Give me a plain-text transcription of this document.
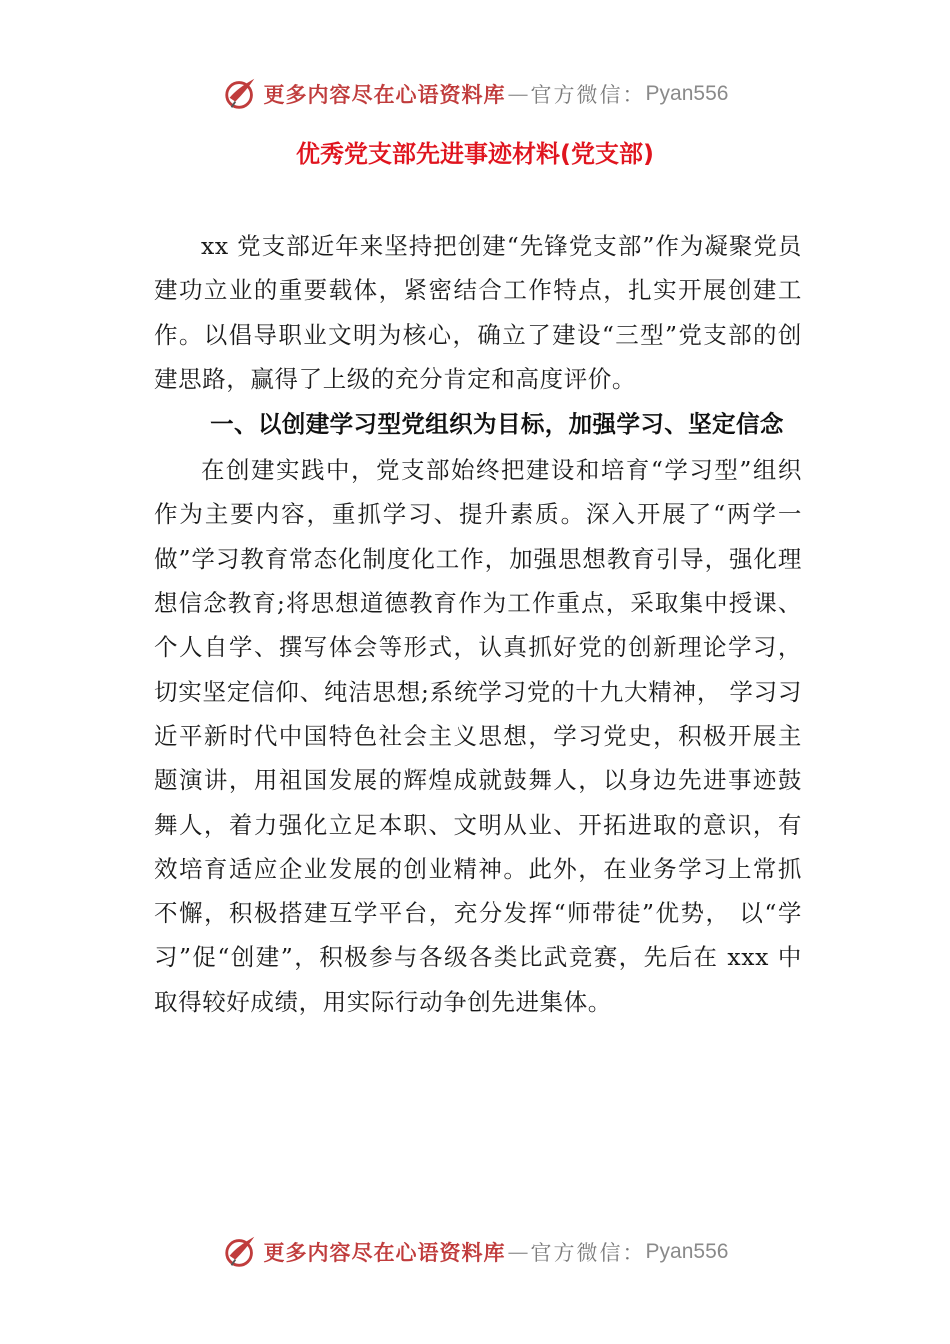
更多内容尽在心语资料库 — 官方微信： Pyan556
优秀党支部先进事迹材料(党支部)

xx 党支部近年来坚持把创建“先锋党支部”作为凝聚党员建功立业的重要载体，紧密结合工作特点，扎实开展创建工作。以倡导职业文明为核心，确立了建设“三型”党支部的创建思路，赢得了上级的充分肯定和高度评价。

一、以创建学习型党组织为目标，加强学习、坚定信念

在创建实践中，党支部始终把建设和培育“学习型”组织作为主要内容，重抓学习、提升素质。深入开展了“两学一做”学习教育常态化制度化工作，加强思想教育引导，强化理想信念教育;将思想道德教育作为工作重点，采取集中授课、个人自学、撰写体会等形式，认真抓好党的创新理论学习，切实坚定信仰、纯洁思想;系统学习党的十九大精神， 学习习近平新时代中国特色社会主义思想，学习党史，积极开展主题演讲，用祖国发展的辉煌成就鼓舞人，以身边先进事迹鼓舞人，着力强化立足本职、文明从业、开拓进取的意识，有效培育适应企业发展的创业精神。此外，在业务学习上常抓不懈，积极搭建互学平台，充分发挥“师带徒”优势， 以“学习”促“创建”，积极参与各级各类比武竞赛，先后在 xxx 中取得较好成绩，用实际行动争创先进集体。

更多内容尽在心语资料库 — 官方微信： Pyan556
